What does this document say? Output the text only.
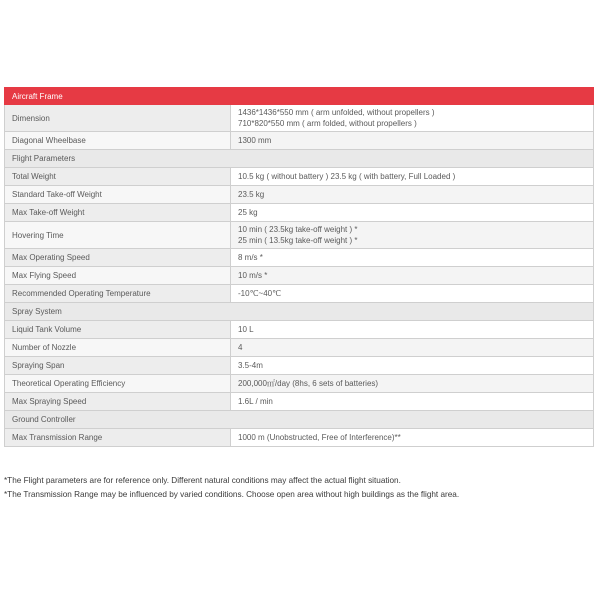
Aircraft Frame	
Dimension	1436*1436*550 mm ( arm unfolded, without propellers )
710*820*550 mm ( arm folded, without propellers )

Diagonal Wheelbase	1300 mm

Flight Parameters	
Total Weight	10.5 kg ( without battery ) 23.5 kg ( with battery, Full Loaded )

Standard Take-off Weight	23.5 kg

Max Take-off Weight	25 kg

Hovering Time	10 min ( 23.5kg take-off weight ) *
25 min ( 13.5kg take-off weight ) *

Max Operating Speed	8 m/s *

Max Flying Speed	10 m/s *

Recommended Operating Temperature	-10℃~40℃

Spray System	
Liquid Tank Volume	10 L

Number of Nozzle	4

Spraying Span	3.5-4m

Theoretical Operating Efficiency	200,000㎡/day (8hs, 6 sets of batteries)

Max Spraying Speed	1.6L / min

Ground Controller	
Max Transmission Range	1000 m (Unobstructed, Free of Interference)**
*The Flight parameters are for reference only. Different natural conditions may affect the actual flight situation.
*The Transmission Range may be influenced by varied conditions. Choose open area without high buildings as the flight area.
